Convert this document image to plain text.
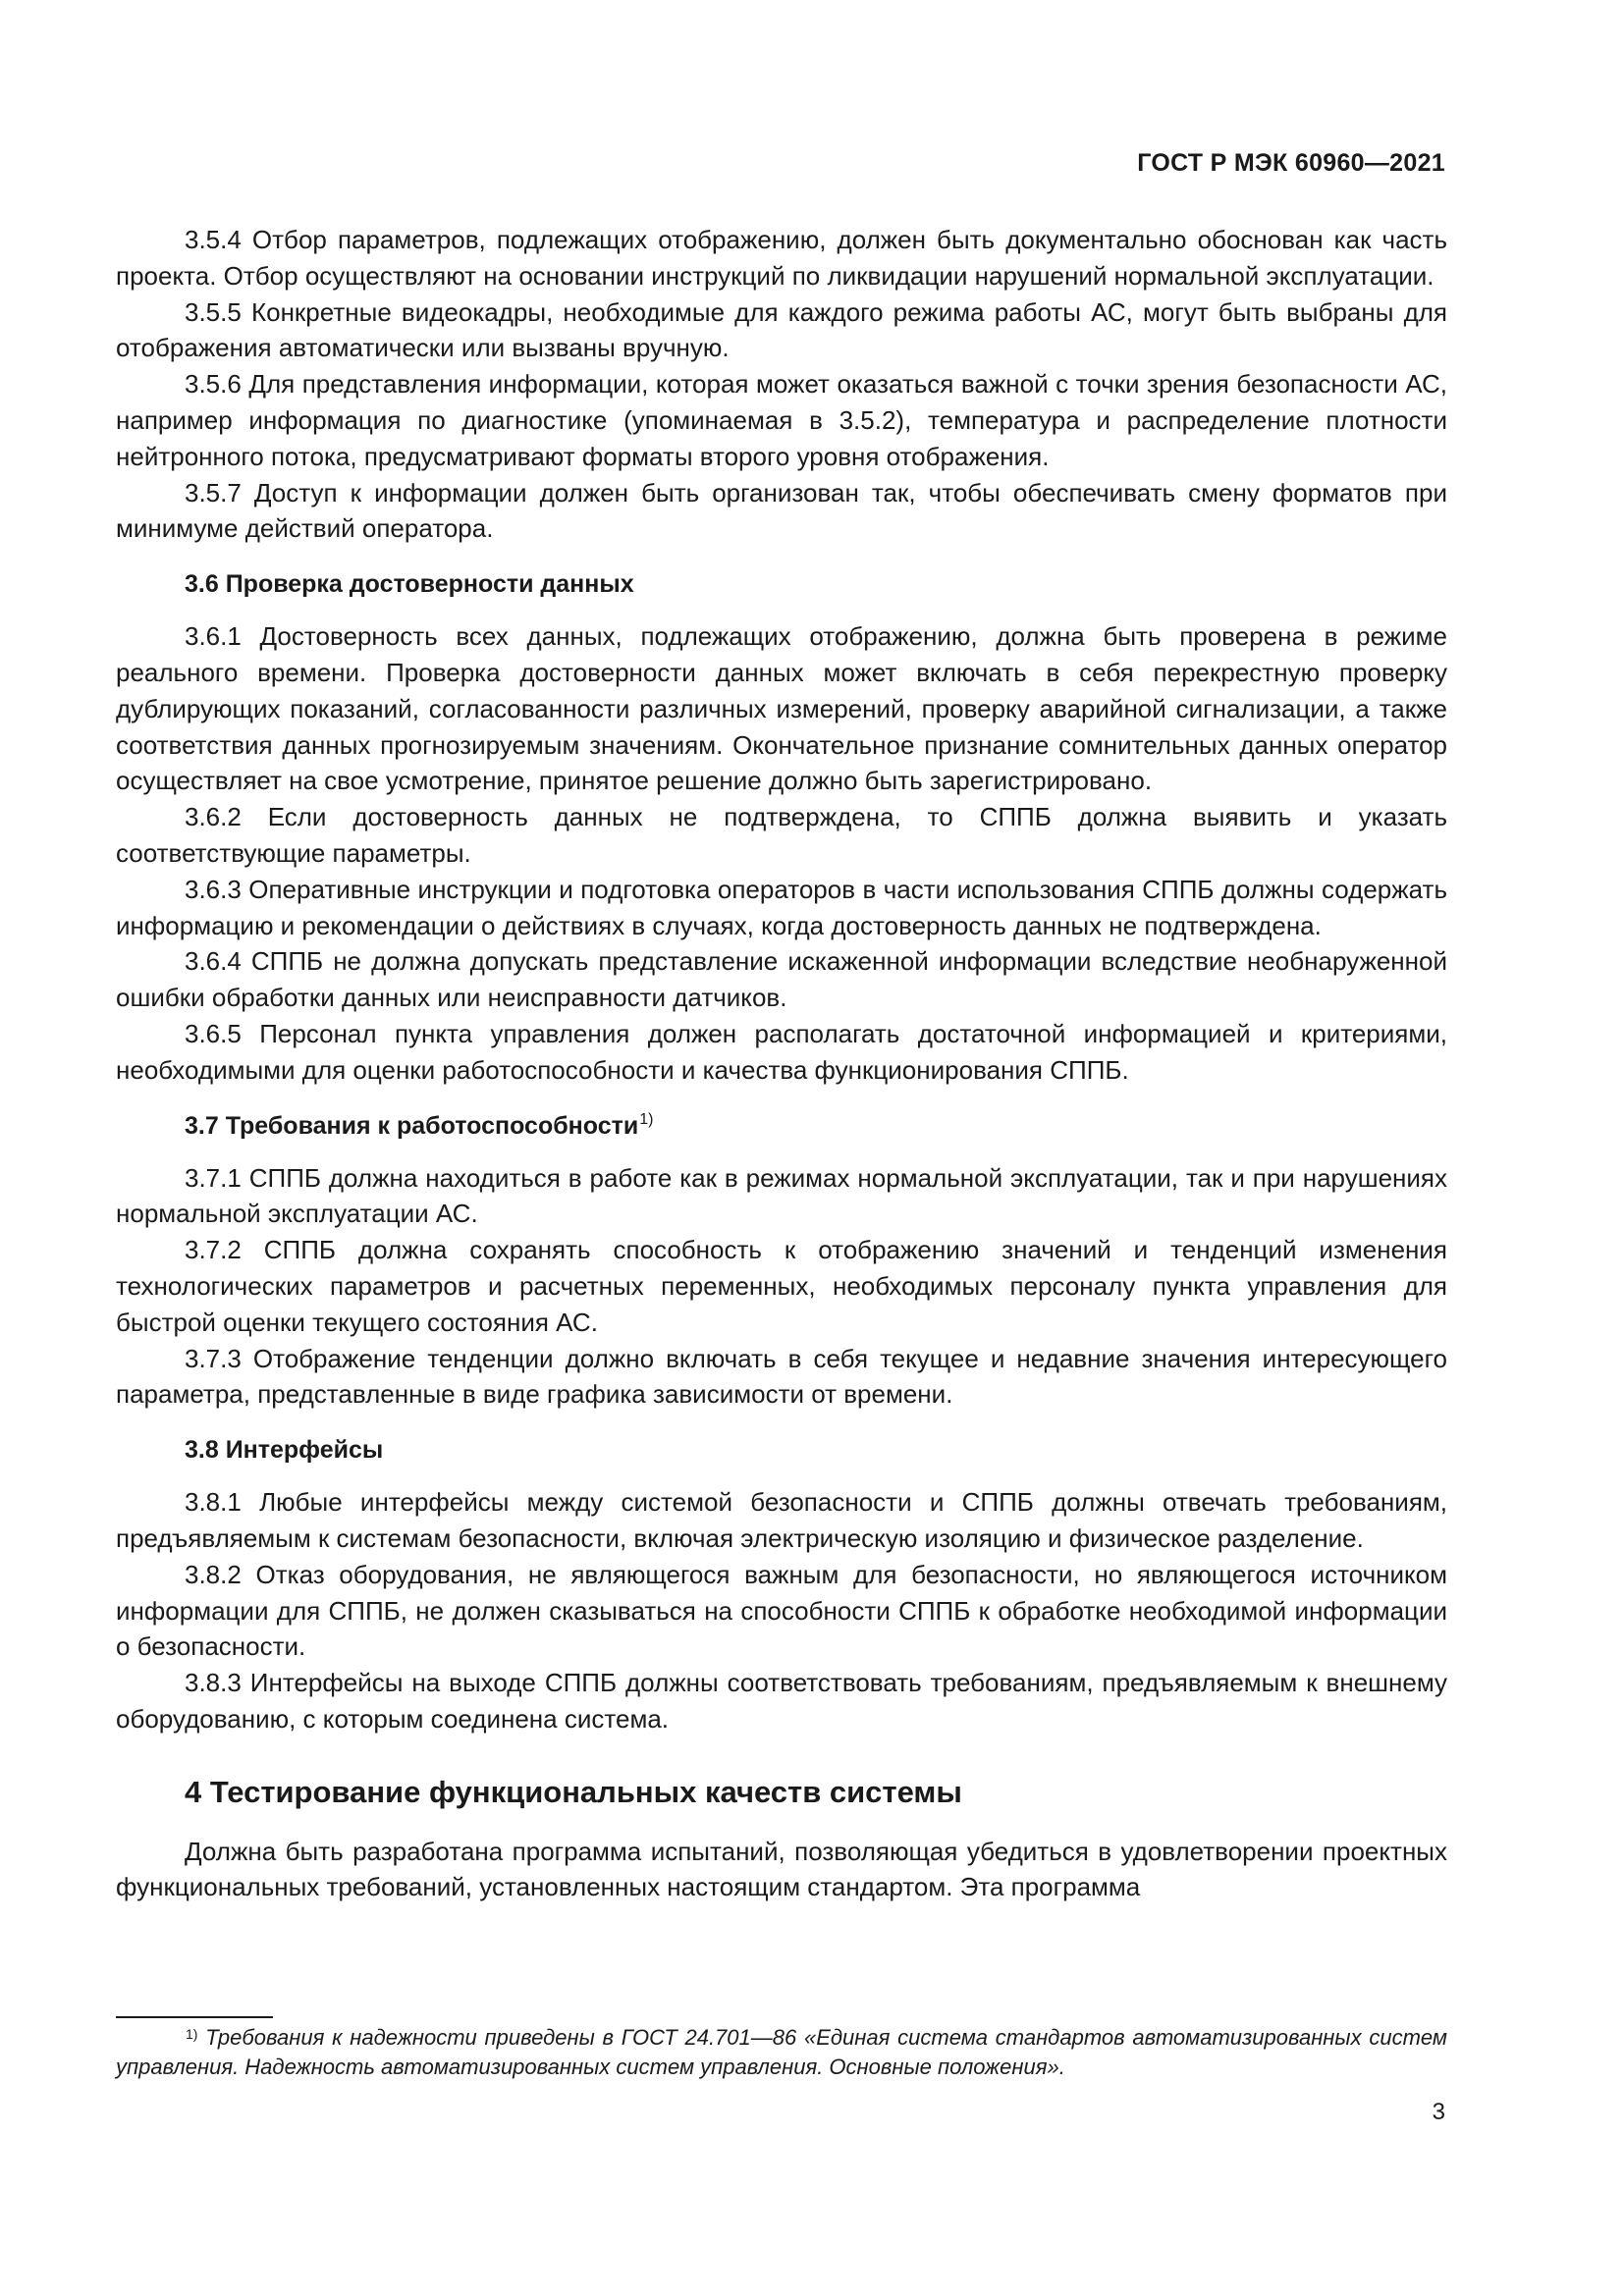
ГОСТ Р МЭК 60960—2021

3.5.4 Отбор параметров, подлежащих отображению, должен быть документально обоснован как часть проекта. Отбор осуществляют на основании инструкций по ликвидации нарушений нормальной эксплуатации.

3.5.5 Конкретные видеокадры, необходимые для каждого режима работы АС, могут быть выбраны для отображения автоматически или вызваны вручную.

3.5.6 Для представления информации, которая может оказаться важной с точки зрения безопасности АС, например информация по диагностике (упоминаемая в 3.5.2), температура и распределение плотности нейтронного потока, предусматривают форматы второго уровня отображения.

3.5.7 Доступ к информации должен быть организован так, чтобы обеспечивать смену форматов при минимуме действий оператора.

3.6 Проверка достоверности данных

3.6.1 Достоверность всех данных, подлежащих отображению, должна быть проверена в режиме реального времени. Проверка достоверности данных может включать в себя перекрестную проверку дублирующих показаний, согласованности различных измерений, проверку аварийной сигнализации, а также соответствия данных прогнозируемым значениям. Окончательное признание сомнительных данных оператор осуществляет на свое усмотрение, принятое решение должно быть зарегистрировано.

3.6.2 Если достоверность данных не подтверждена, то СППБ должна выявить и указать соответствующие параметры.

3.6.3 Оперативные инструкции и подготовка операторов в части использования СППБ должны содержать информацию и рекомендации о действиях в случаях, когда достоверность данных не подтверждена.

3.6.4 СППБ не должна допускать представление искаженной информации вследствие необнаруженной ошибки обработки данных или неисправности датчиков.

3.6.5 Персонал пункта управления должен располагать достаточной информацией и критериями, необходимыми для оценки работоспособности и качества функционирования СППБ.

3.7 Требования к работоспособности$^{1)}$

3.7.1 СППБ должна находиться в работе как в режимах нормальной эксплуатации, так и при нарушениях нормальной эксплуатации АС.

3.7.2 СППБ должна сохранять способность к отображению значений и тенденций изменения технологических параметров и расчетных переменных, необходимых персоналу пункта управления для быстрой оценки текущего состояния АС.

3.7.3 Отображение тенденции должно включать в себя текущее и недавние значения интересующего параметра, представленные в виде графика зависимости от времени.

3.8 Интерфейсы

3.8.1 Любые интерфейсы между системой безопасности и СППБ должны отвечать требованиям, предъявляемым к системам безопасности, включая электрическую изоляцию и физическое разделение.

3.8.2 Отказ оборудования, не являющегося важным для безопасности, но являющегося источником информации для СППБ, не должен сказываться на способности СППБ к обработке необходимой информации о безопасности.

3.8.3 Интерфейсы на выходе СППБ должны соответствовать требованиям, предъявляемым к внешнему оборудованию, с которым соединена система.

4 Тестирование функциональных качеств системы

Должна быть разработана программа испытаний, позволяющая убедиться в удовлетворении проектных функциональных требований, установленных настоящим стандартом. Эта программа

$^{1)}$ Требования к надежности приведены в ГОСТ 24.701—86 «Единая система стандартов автоматизированных систем управления. Надежность автоматизированных систем управления. Основные положения».

3
